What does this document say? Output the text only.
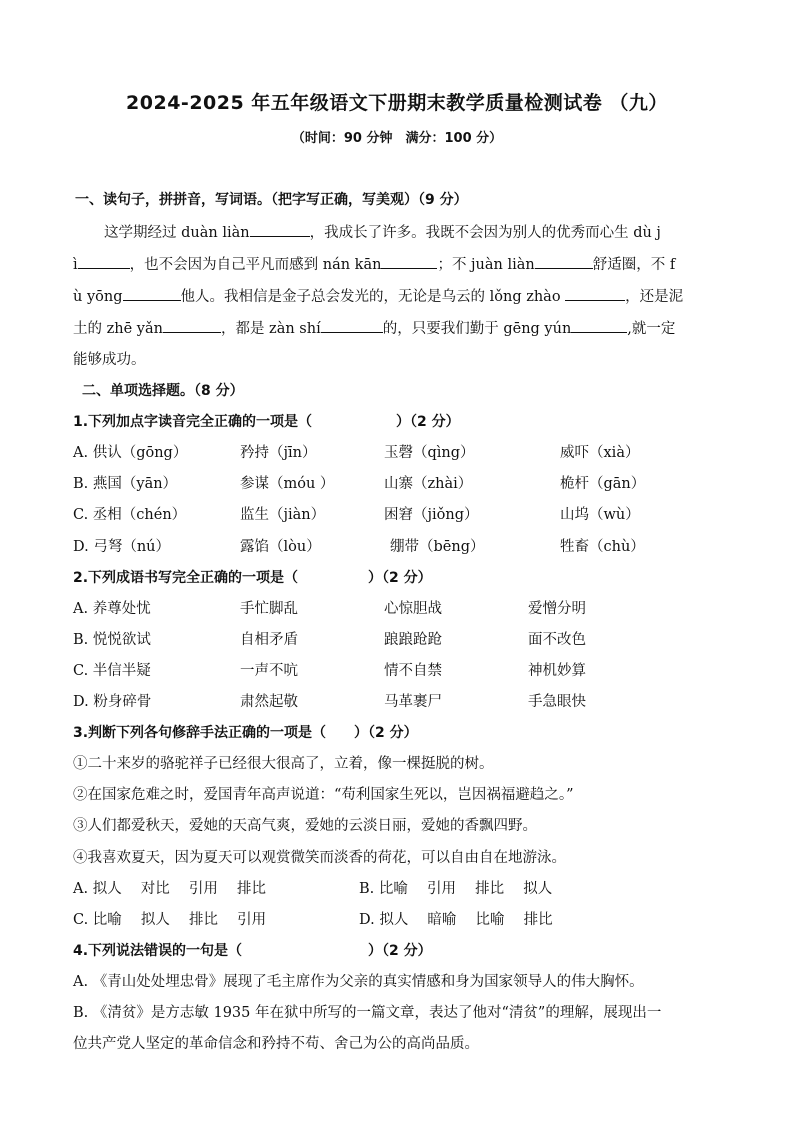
2024-2025 年五年级语文下册期末教学质量检测试卷 （九）
（时间：90 分钟　满分：100 分）
一、读句子，拼拼音，写词语。（把字写正确，写美观）（9 分）
这学期经过 duàn liàn	，我成长了许多。我既不会因为别人的优秀而心生 dù j
ì	，也不会因为自己平凡而感到 nán kān	；不 juàn liàn	舒适圈，不 f
ù yōng	他人。我相信是金子总会发光的，无论是乌云的 lǒng zhào	，还是泥
土的 zhē yǎn	，都是 zàn shí	的，只要我们勤于 gēng yún	,就一定
能够成功。
二、单项选择题。（8 分）
1.下列加点字读音完全正确的一项是（　　　　　　）（2 分）
A. 供认（gōng）	矜持（jīn）	玉磬（qìng）	威吓（xià）
B. 燕国（yān）	参谋（móu ）	山寨（zhài）	桅杆（gān）
C. 丞相（chén）	监生（jiàn）	困窘（jiǒng）	山坞（wù）
D. 弓弩（nú）	露馅（lòu）	绷带（bēng）	牲畜（chù）
2.下列成语书写完全正确的一项是（　　　　　）（2 分）
A. 养尊处忧	手忙脚乱	心惊胆战	爱憎分明
B. 悦悦欲试	自相矛盾	踉踉跄跄	面不改色
C. 半信半疑	一声不吭	情不自禁	神机妙算
D. 粉身碎骨	肃然起敬	马革裹尸	手急眼快
3.判断下列各句修辞手法正确的一项是（　　）（2 分）
①二十来岁的骆驼祥子已经很大很高了，立着，像一棵挺脱的树。
②在国家危难之时，爱国青年高声说道：“苟利国家生死以，岂因祸福避趋之。”
③人们都爱秋天，爱她的天高气爽，爱她的云淡日丽，爱她的香飘四野。
④我喜欢夏天，因为夏天可以观赏微笑而淡香的荷花，可以自由自在地游泳。
A. 拟人　 对比　 引用　 排比	B. 比喻　 引用　 排比　 拟人
C. 比喻　 拟人　 排比　 引用	D. 拟人　 暗喻　 比喻　 排比
4.下列说法错误的一句是（　　　　　　　　　）（2 分）
A. 《青山处处埋忠骨》展现了毛主席作为父亲的真实情感和身为国家领导人的伟大胸怀。
B. 《清贫》是方志敏 1935 年在狱中所写的一篇文章，表达了他对“清贫”的理解，展现出一
位共产党人坚定的革命信念和矜持不苟、舍己为公的高尚品质。
